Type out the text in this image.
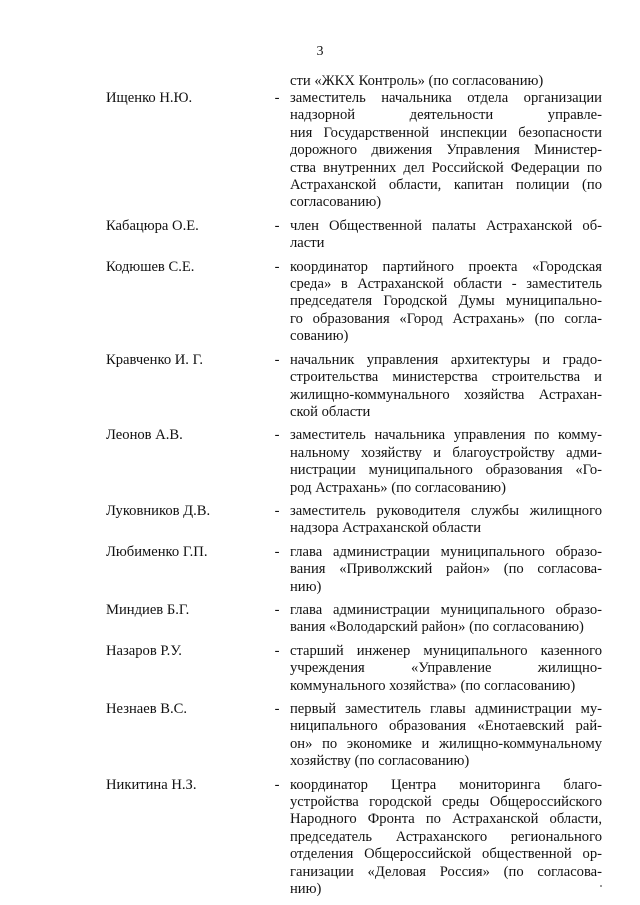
3
сти «ЖКХ Контроль» (по согласованию)
Ищенко Н.Ю.	- заместитель начальника отдела организации
надзорной деятельности управле-
ния Государственной инспекции безопасности
дорожного движения Управления Министер-
ства внутренних дел Российской Федерации по
Астраханской области, капитан полиции (по
согласованию)
Кабацюра О.Е.	- член Общественной палаты Астраханской об-
ласти
Кодюшев С.Е.	- координатор партийного проекта «Городская
среда» в Астраханской области - заместитель
председателя Городской Думы муниципально-
го образования «Город Астрахань» (по согла-
сованию)
Кравченко И. Г.	- начальник управления архитектуры и градо-
строительства министерства строительства и
жилищно-коммунального хозяйства Астрахан-
ской области
Леонов А.В.	- заместитель начальника управления по комму-
нальному хозяйству и благоустройству адми-
нистрации муниципального образования «Го-
род Астрахань» (по согласованию)
Луковников Д.В.	- заместитель руководителя службы жилищного
надзора Астраханской области
Любименко Г.П.	- глава администрации муниципального образо-
вания «Приволжский район» (по согласова-
нию)
Миндиев Б.Г.	- глава администрации муниципального образо-
вания «Володарский район» (по согласованию)
Назаров Р.У.	- старший инженер муниципального казенного
учреждения «Управление жилищно-
коммунального хозяйства» (по согласованию)
Незнаев В.С.	- первый заместитель главы администрации му-
ниципального образования «Енотаевский рай-
он» по экономике и жилищно-коммунальному
хозяйству (по согласованию)
Никитина Н.З.	- координатор Центра мониторинга благо-
устройства городской среды Общероссийского
Народного Фронта по Астраханской области,
председатель Астраханского регионального
отделения Общероссийской общественной ор-
ганизации «Деловая Россия» (по согласова-
нию)
